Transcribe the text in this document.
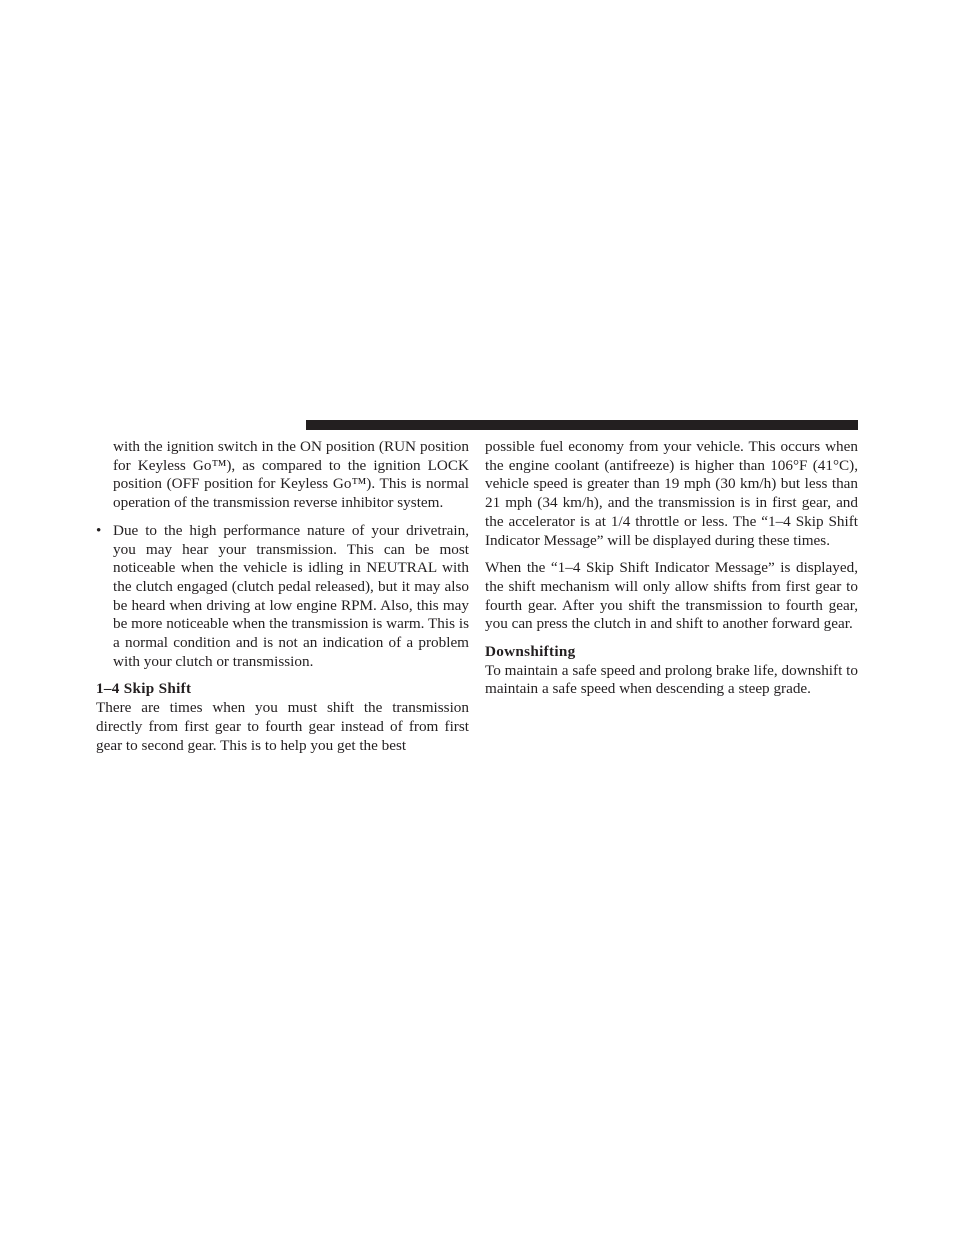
with the ignition switch in the ON position (RUN position for Keyless Go™), as compared to the ignition LOCK position (OFF position for Keyless Go™). This is normal operation of the transmission reverse inhibitor system.

• Due to the high performance nature of your drivetrain, you may hear your transmission. This can be most noticeable when the vehicle is idling in NEUTRAL with the clutch engaged (clutch pedal released), but it may also be heard when driving at low engine RPM. Also, this may be more noticeable when the transmission is warm. This is a normal condition and is not an indication of a problem with your clutch or transmission.
1–4 Skip Shift

There are times when you must shift the transmission directly from first gear to fourth gear instead of from first gear to second gear. This is to help you get the best

possible fuel economy from your vehicle. This occurs when the engine coolant (antifreeze) is higher than 106°F (41°C), vehicle speed is greater than 19 mph (30 km/h) but less than 21 mph (34 km/h), and the transmission is in first gear, and the accelerator is at 1/4 throttle or less. The “1–4 Skip Shift Indicator Message” will be displayed during these times.

When the “1–4 Skip Shift Indicator Message” is displayed, the shift mechanism will only allow shifts from first gear to fourth gear. After you shift the transmission to fourth gear, you can press the clutch in and shift to another forward gear.

Downshifting

To maintain a safe speed and prolong brake life, downshift to maintain a safe speed when descending a steep grade.
